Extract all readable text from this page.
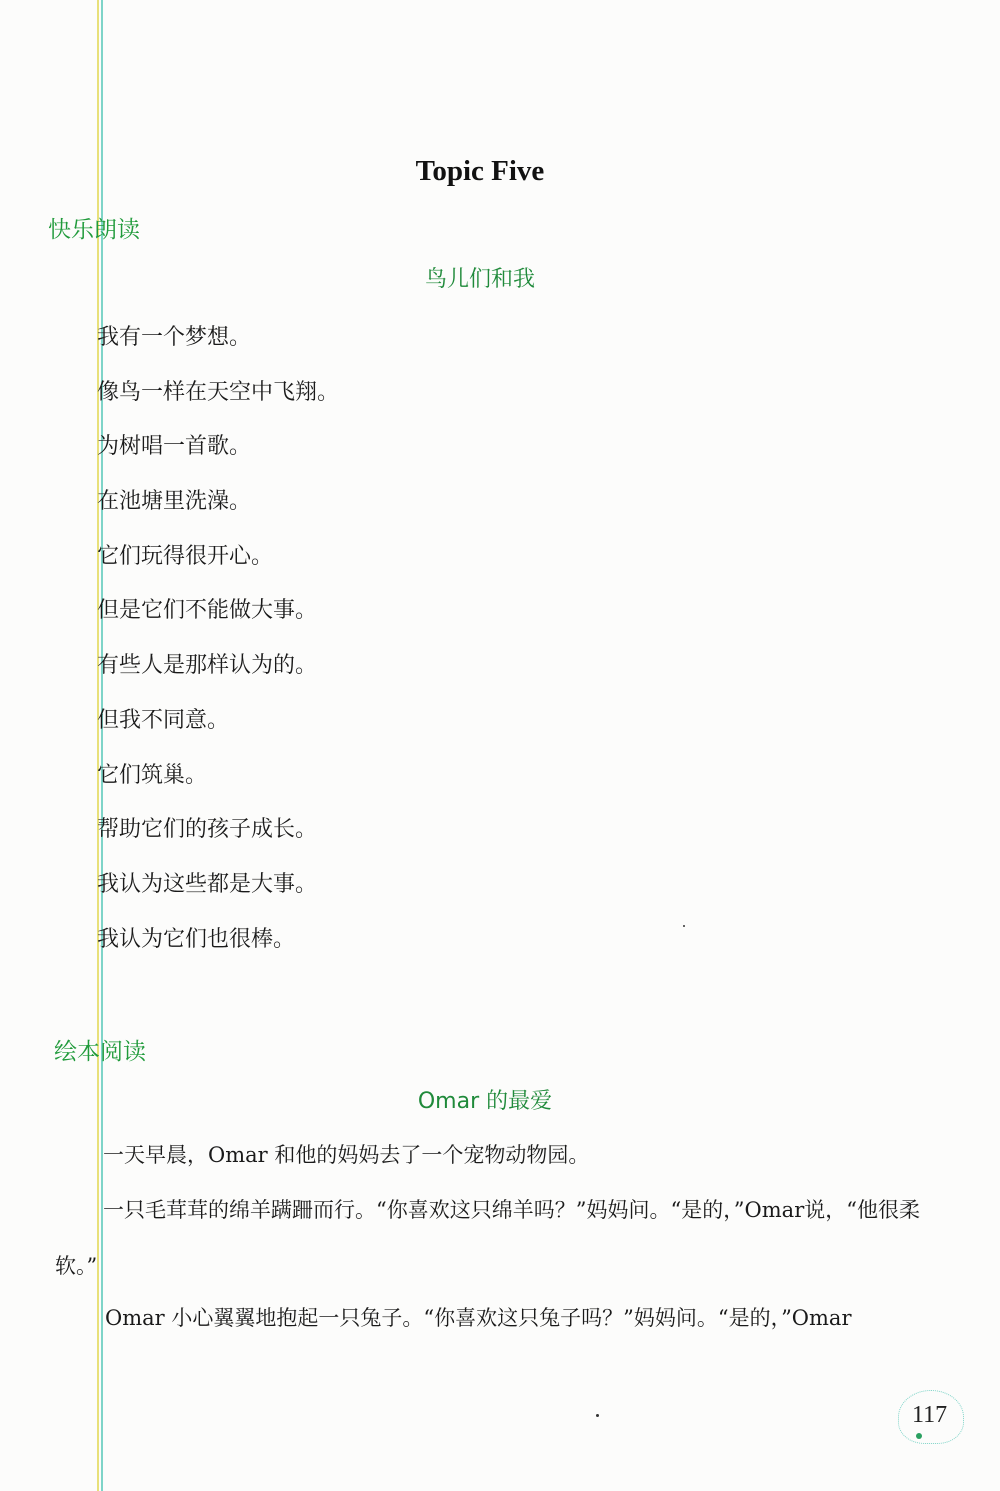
Topic Five
快乐朗读
鸟儿们和我
我有一个梦想。
像鸟一样在天空中飞翔。
为树唱一首歌。
在池塘里洗澡。
它们玩得很开心。
但是它们不能做大事。
有些人是那样认为的。
但我不同意。
它们筑巢。
帮助它们的孩子成长。
我认为这些都是大事。
我认为它们也很棒。
绘本阅读
Omar 的最爱
一天早晨，Omar 和他的妈妈去了一个宠物动物园。
一只毛茸茸的绵羊蹒跚而行。“你喜欢这只绵羊吗？”妈妈问。“是的，”Omar说，“他很柔软。”
Omar 小心翼翼地抱起一只兔子。“你喜欢这只兔子吗？”妈妈问。“是的，”Omar
117
